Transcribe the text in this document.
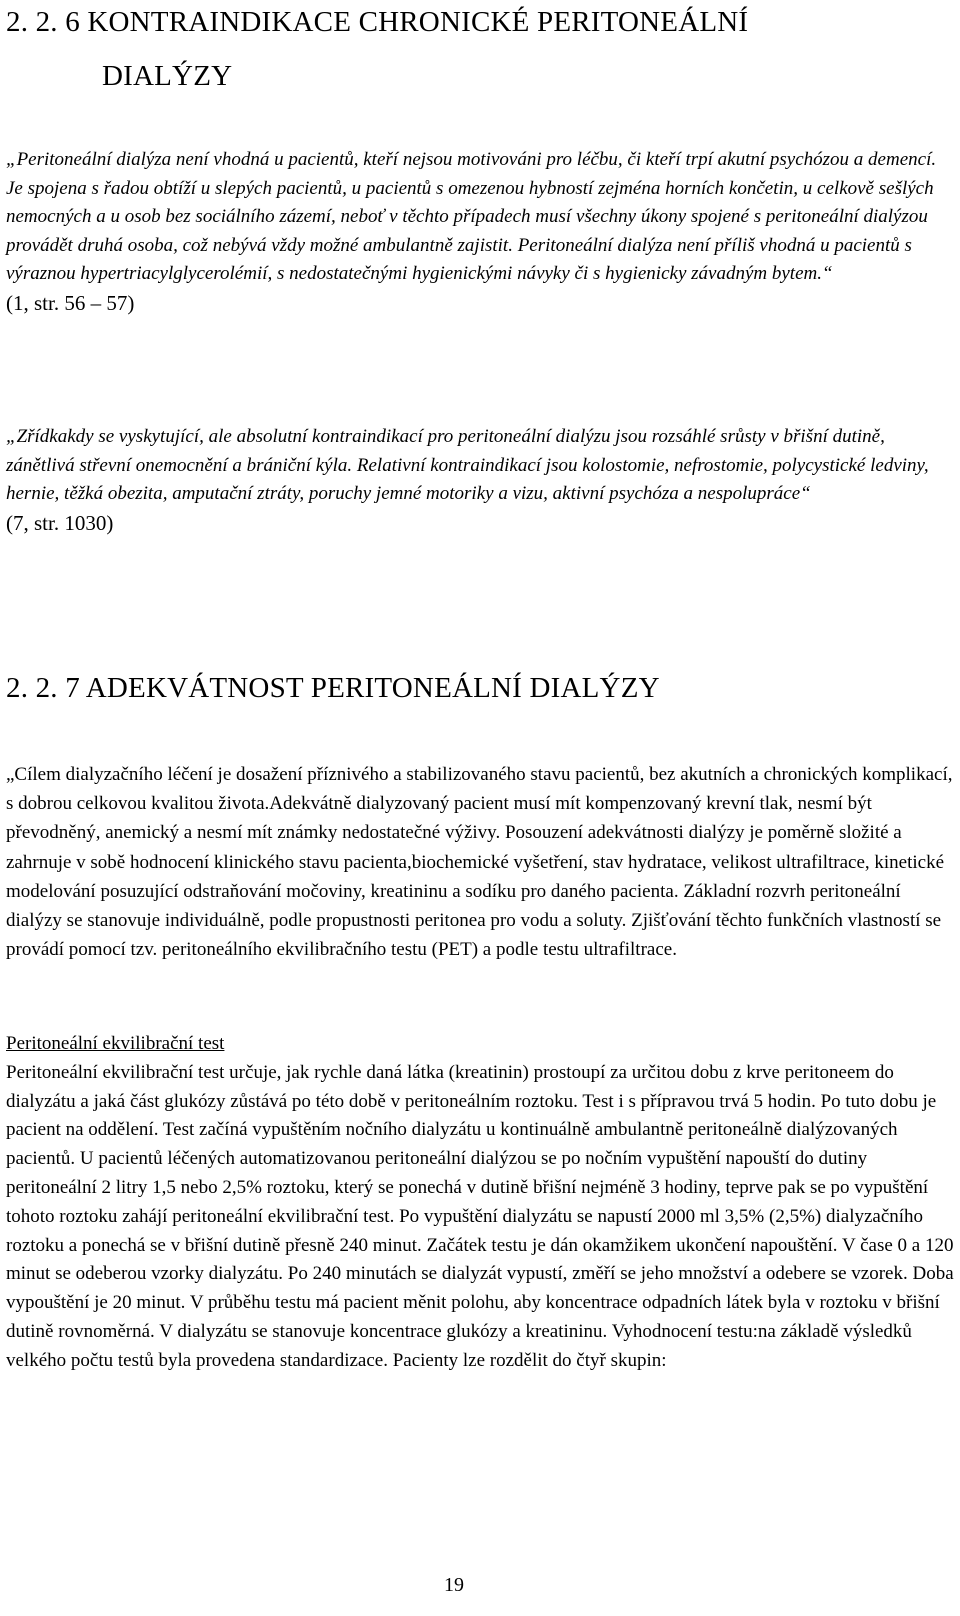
2. 2. 6 KONTRAINDIKACE CHRONICKÉ PERITONEÁLNÍ
DIALÝZY

„Peritoneální dialýza není vhodná u pacientů, kteří nejsou motivováni pro léčbu, či kteří trpí akutní psychózou a demencí. Je spojena s řadou obtíží u slepých pacientů, u pacientů s omezenou hybností zejména horních končetin, u celkově sešlých nemocných a u osob bez sociálního zázemí, neboť v těchto případech musí všechny úkony spojené s peritoneální dialýzou provádět druhá osoba, což nebývá vždy možné ambulantně zajistit. Peritoneální dialýza není příliš vhodná u pacientů s výraznou hypertriacylglycerolémií, s nedostatečnými hygienickými návyky či s hygienicky závadným bytem.“
(1, str. 56 – 57)

„Zřídkakdy se vyskytující, ale absolutní kontraindikací pro peritoneální dialýzu jsou rozsáhlé srůsty v břišní dutině, zánětlivá střevní onemocnění a brániční kýla. Relativní kontraindikací jsou kolostomie, nefrostomie, polycystické ledviny, hernie, těžká obezita, amputační ztráty, poruchy jemné motoriky a vizu, aktivní psychóza a nespolupráce“
(7, str. 1030)

2. 2. 7 ADEKVÁTNOST PERITONEÁLNÍ DIALÝZY

„Cílem dialyzačního léčení je dosažení příznivého a stabilizovaného stavu pacientů, bez akutních a chronických komplikací, s dobrou celkovou kvalitou života.Adekvátně dialyzovaný pacient musí mít kompenzovaný krevní tlak, nesmí být převodněný, anemický a nesmí mít známky nedostatečné výživy. Posouzení adekvátnosti dialýzy je poměrně složité a zahrnuje v sobě hodnocení klinického stavu pacienta,biochemické vyšetření, stav hydratace, velikost ultrafiltrace, kinetické modelování posuzující odstraňování močoviny, kreatininu a sodíku pro daného pacienta. Základní rozvrh peritoneální dialýzy se stanovuje individuálně, podle propustnosti peritonea pro vodu a soluty. Zjišťování těchto funkčních vlastností se provádí pomocí tzv. peritoneálního ekvilibračního testu (PET) a podle testu ultrafiltrace.

Peritoneální ekvilibrační test
Peritoneální ekvilibrační test určuje, jak rychle daná látka (kreatinin) prostoupí za určitou dobu z krve peritoneem do dialyzátu a jaká část glukózy zůstává po této době v peritoneálním roztoku. Test i s přípravou trvá 5 hodin. Po tuto dobu je pacient na oddělení. Test začíná vypuštěním nočního dialyzátu u kontinuálně ambulantně peritoneálně dialýzovaných pacientů. U pacientů léčených automatizovanou peritoneální dialýzou se po nočním vypuštění napouští do dutiny peritoneální 2 litry 1,5 nebo 2,5% roztoku, který se ponechá v dutině břišní nejméně 3 hodiny, teprve pak se po vypuštění tohoto roztoku zahájí peritoneální ekvilibrační test. Po vypuštění dialyzátu se napustí 2000 ml 3,5% (2,5%) dialyzačního roztoku a ponechá se v břišní dutině přesně 240 minut. Začátek testu je dán okamžikem ukončení napouštění. V čase 0 a 120 minut se odeberou vzorky dialyzátu. Po 240 minutách se dialyzát vypustí, změří se jeho množství a odebere se vzorek. Doba vypouštění je 20 minut. V průběhu testu má pacient měnit polohu, aby koncentrace odpadních látek byla v roztoku v břišní dutině rovnoměrná. V dialyzátu se stanovuje koncentrace glukózy a kreatininu. Vyhodnocení testu:na základě výsledků velkého počtu testů byla provedena standardizace. Pacienty lze rozdělit do čtyř skupin:

19
